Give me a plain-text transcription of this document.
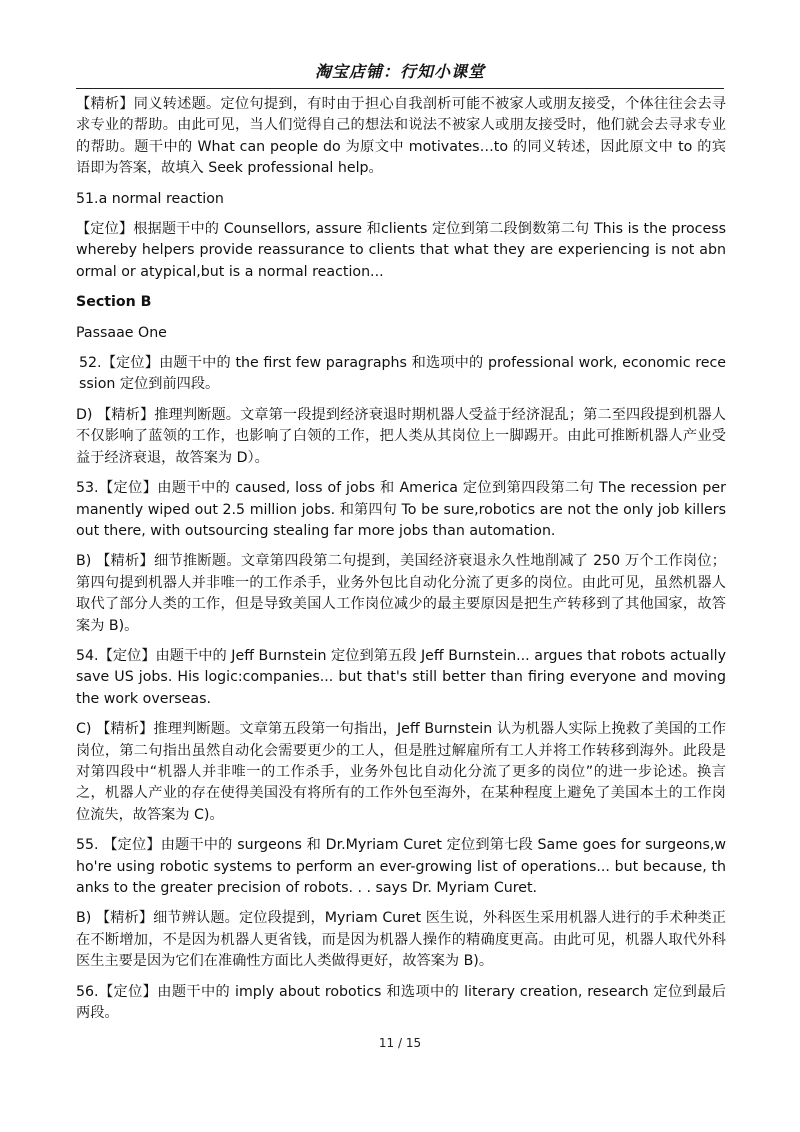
淘宝店铺：行知小课堂

【精析】同义转述题。定位句提到，有时由于担心自我剖析可能不被家人或朋友接受，个体往往会去寻求专业的帮助。由此可见，当人们觉得自己的想法和说法不被家人或朋友接受时，他们就会去寻求专业的帮助。题干中的 What can people do 为原文中 motivates…to 的同义转述，因此原文中 to 的宾语即为答案，故填入 Seek professional help。

51.a normal reaction

【定位】根据题干中的 Counsellors, assure 和clients 定位到第二段倒数第二句 This is the process whereby helpers provide reassurance to clients that what they are experiencing is not abnormal or atypical,but is a normal reaction...

Section B

Passaae One

52.【定位】由题干中的 the first few paragraphs 和选项中的 professional work, economic recession 定位到前四段。

D) 【精析】推理判断题。文章第一段提到经济衰退时期机器人受益于经济混乱；第二至四段提到机器人不仅影响了蓝领的工作，也影响了白领的工作，把人类从其岗位上一脚踢开。由此可推断机器人产业受益于经济衰退，故答案为 D）。

53.【定位】由题干中的 caused, loss of jobs 和 America 定位到第四段第二句 The recession permanently wiped out 2.5 million jobs. 和第四句 To be sure,robotics are not the only job killers out there, with outsourcing stealing far more jobs than automation.

B) 【精析】细节推断题。文章第四段第二句提到，美国经济衰退永久性地削减了 250 万个工作岗位；第四句提到机器人并非唯一的工作杀手，业务外包比自动化分流了更多的岗位。由此可见，虽然机器人取代了部分人类的工作，但是导致美国人工作岗位减少的最主要原因是把生产转移到了其他国家，故答案为 B)。

54.【定位】由题干中的 Jeff Burnstein 定位到第五段 Jeff Burnstein... argues that robots actually save US jobs. His logic:companies... but that's still better than firing everyone and moving the work overseas.

C) 【精析】推理判断题。文章第五段第一句指出，Jeff Burnstein 认为机器人实际上挽救了美国的工作岗位，第二句指出虽然自动化会需要更少的工人，但是胜过解雇所有工人并将工作转移到海外。此段是对第四段中“机器人并非唯一的工作杀手，业务外包比自动化分流了更多的岗位”的进一步论述。换言之，机器人产业的存在使得美国没有将所有的工作外包至海外，在某种程度上避免了美国本土的工作岗位流失，故答案为 C)。

55. 【定位】由题干中的 surgeons 和 Dr.Myriam Curet 定位到第七段 Same goes for surgeons,who're using robotic systems to perform an ever-growing list of operations... but because, thanks to the greater precision of robots. . . says Dr. Myriam Curet.

B) 【精析】细节辨认题。定位段提到，Myriam Curet 医生说，外科医生采用机器人进行的手术种类正在不断增加，不是因为机器人更省钱，而是因为机器人操作的精确度更高。由此可见，机器人取代外科医生主要是因为它们在准确性方面比人类做得更好，故答案为 B)。

56.【定位】由题干中的 imply about robotics 和选项中的 literary creation, research 定位到最后两段。

11 / 15
